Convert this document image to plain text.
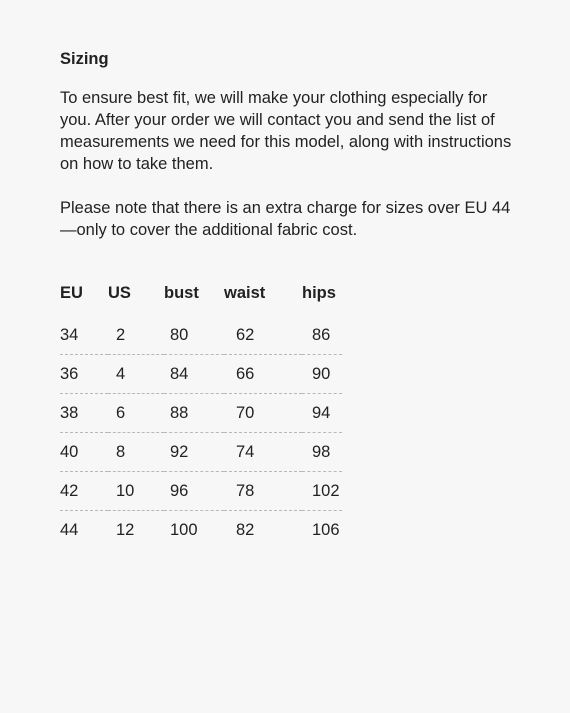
Sizing

To ensure best fit, we will make your clothing especially for you. After your order we will contact you and send the list of measurements we need for this model, along with instructions on how to take them.

Please note that there is an extra charge for sizes over EU 44—only to cover the additional fabric cost.

EU	US	bust	waist	hips
34	2	80	62	86
36	4	84	66	90
38	6	88	70	94
40	8	92	74	98
42	10	96	78	102
44	12	100	82	106
